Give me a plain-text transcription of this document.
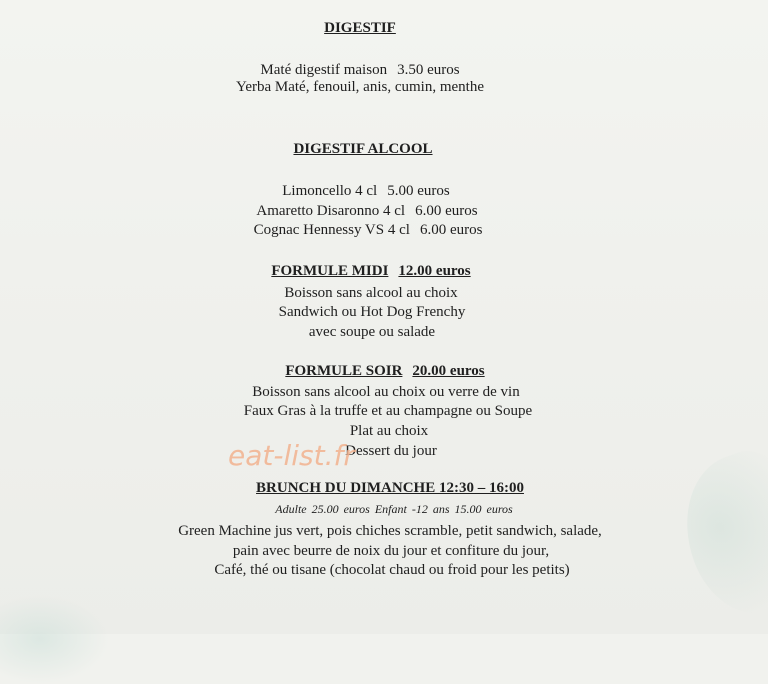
DIGESTIF
Maté digestif maison 3.50 euros
Yerba Maté, fenouil, anis, cumin, menthe
DIGESTIF ALCOOL
Limoncello 4 cl 5.00 euros
Amaretto Disaronno 4 cl 6.00 euros
Cognac Hennessy VS 4 cl 6.00 euros
FORMULE MIDI 12.00 euros
Boisson sans alcool au choix
Sandwich ou Hot Dog Frenchy
avec soupe ou salade
FORMULE SOIR 20.00 euros
Boisson sans alcool au choix ou verre de vin
Faux Gras à la truffe et au champagne ou Soupe
Plat au choix
Dessert du jour
BRUNCH DU DIMANCHE 12:30 – 16:00
Adulte 25.00 euros Enfant -12 ans 15.00 euros
Green Machine jus vert, pois chiches scramble, petit sandwich, salade,
pain avec beurre de noix du jour et confiture du jour,
Café, thé ou tisane (chocolat chaud ou froid pour les petits)
eat-list.fr
